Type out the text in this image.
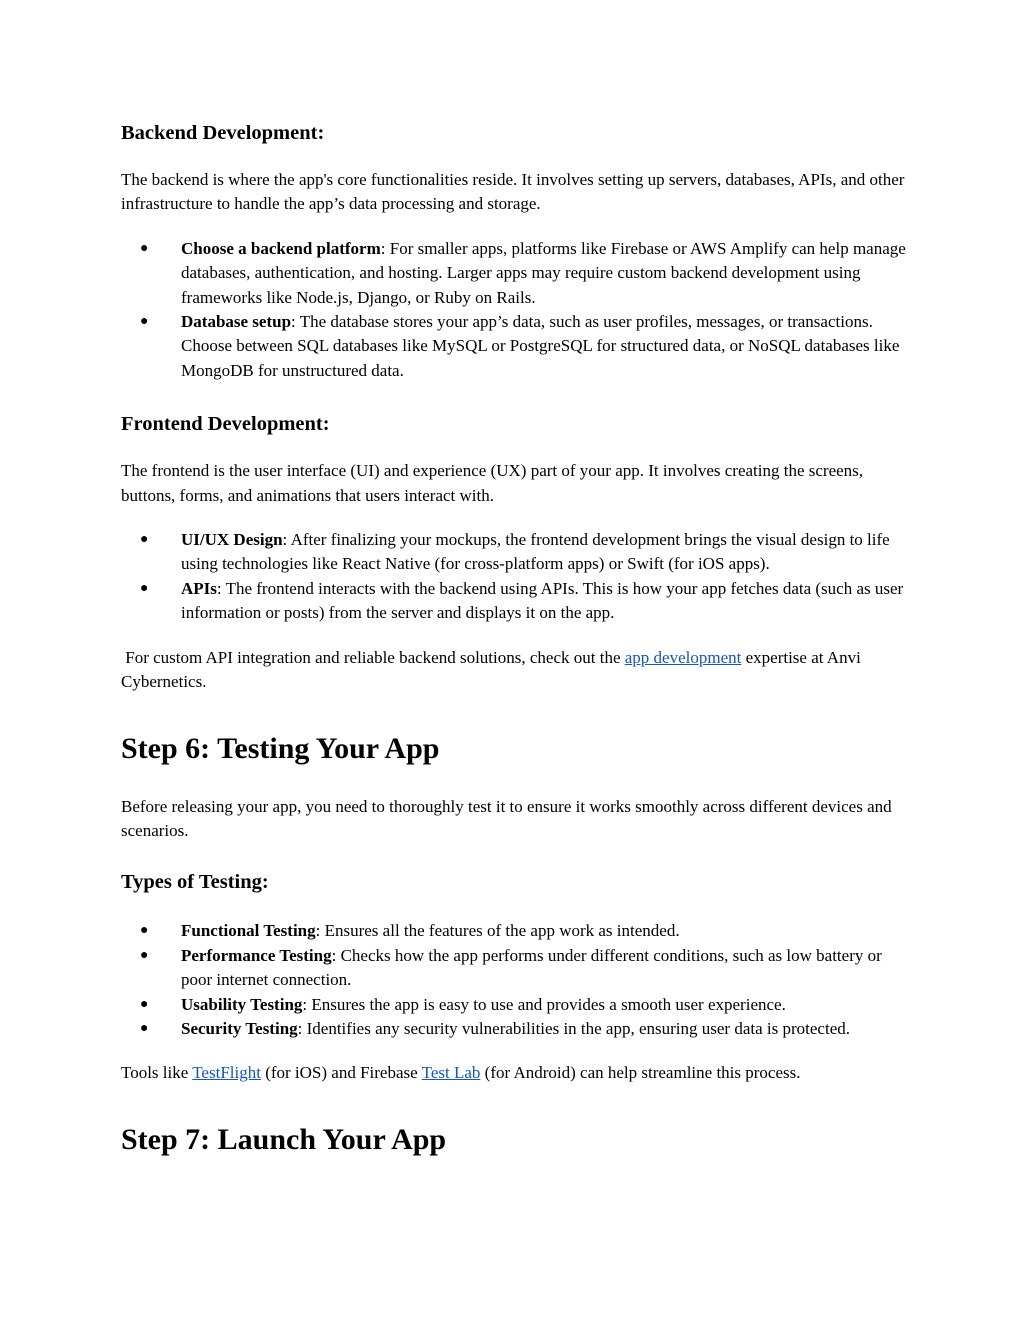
Backend Development:

The backend is where the app's core functionalities reside. It involves setting up servers, databases, APIs, and other infrastructure to handle the app’s data processing and storage.

● Choose a backend platform: For smaller apps, platforms like Firebase or AWS Amplify can help manage databases, authentication, and hosting. Larger apps may require custom backend development using frameworks like Node.js, Django, or Ruby on Rails.
● Database setup: The database stores your app’s data, such as user profiles, messages, or transactions. Choose between SQL databases like MySQL or PostgreSQL for structured data, or NoSQL databases like MongoDB for unstructured data.
Frontend Development:

The frontend is the user interface (UI) and experience (UX) part of your app. It involves creating the screens, buttons, forms, and animations that users interact with.

● UI/UX Design: After finalizing your mockups, the frontend development brings the visual design to life using technologies like React Native (for cross-platform apps) or Swift (for iOS apps).
● APIs: The frontend interacts with the backend using APIs. This is how your app fetches data (such as user information or posts) from the server and displays it on the app.

For custom API integration and reliable backend solutions, check out the app development expertise at Anvi Cybernetics.

Step 6: Testing Your App

Before releasing your app, you need to thoroughly test it to ensure it works smoothly across different devices and scenarios.

Types of Testing:
● Functional Testing: Ensures all the features of the app work as intended.
● Performance Testing: Checks how the app performs under different conditions, such as low battery or poor internet connection.
● Usability Testing: Ensures the app is easy to use and provides a smooth user experience.
● Security Testing: Identifies any security vulnerabilities in the app, ensuring user data is protected.

Tools like TestFlight (for iOS) and Firebase Test Lab (for Android) can help streamline this process.

Step 7: Launch Your App
